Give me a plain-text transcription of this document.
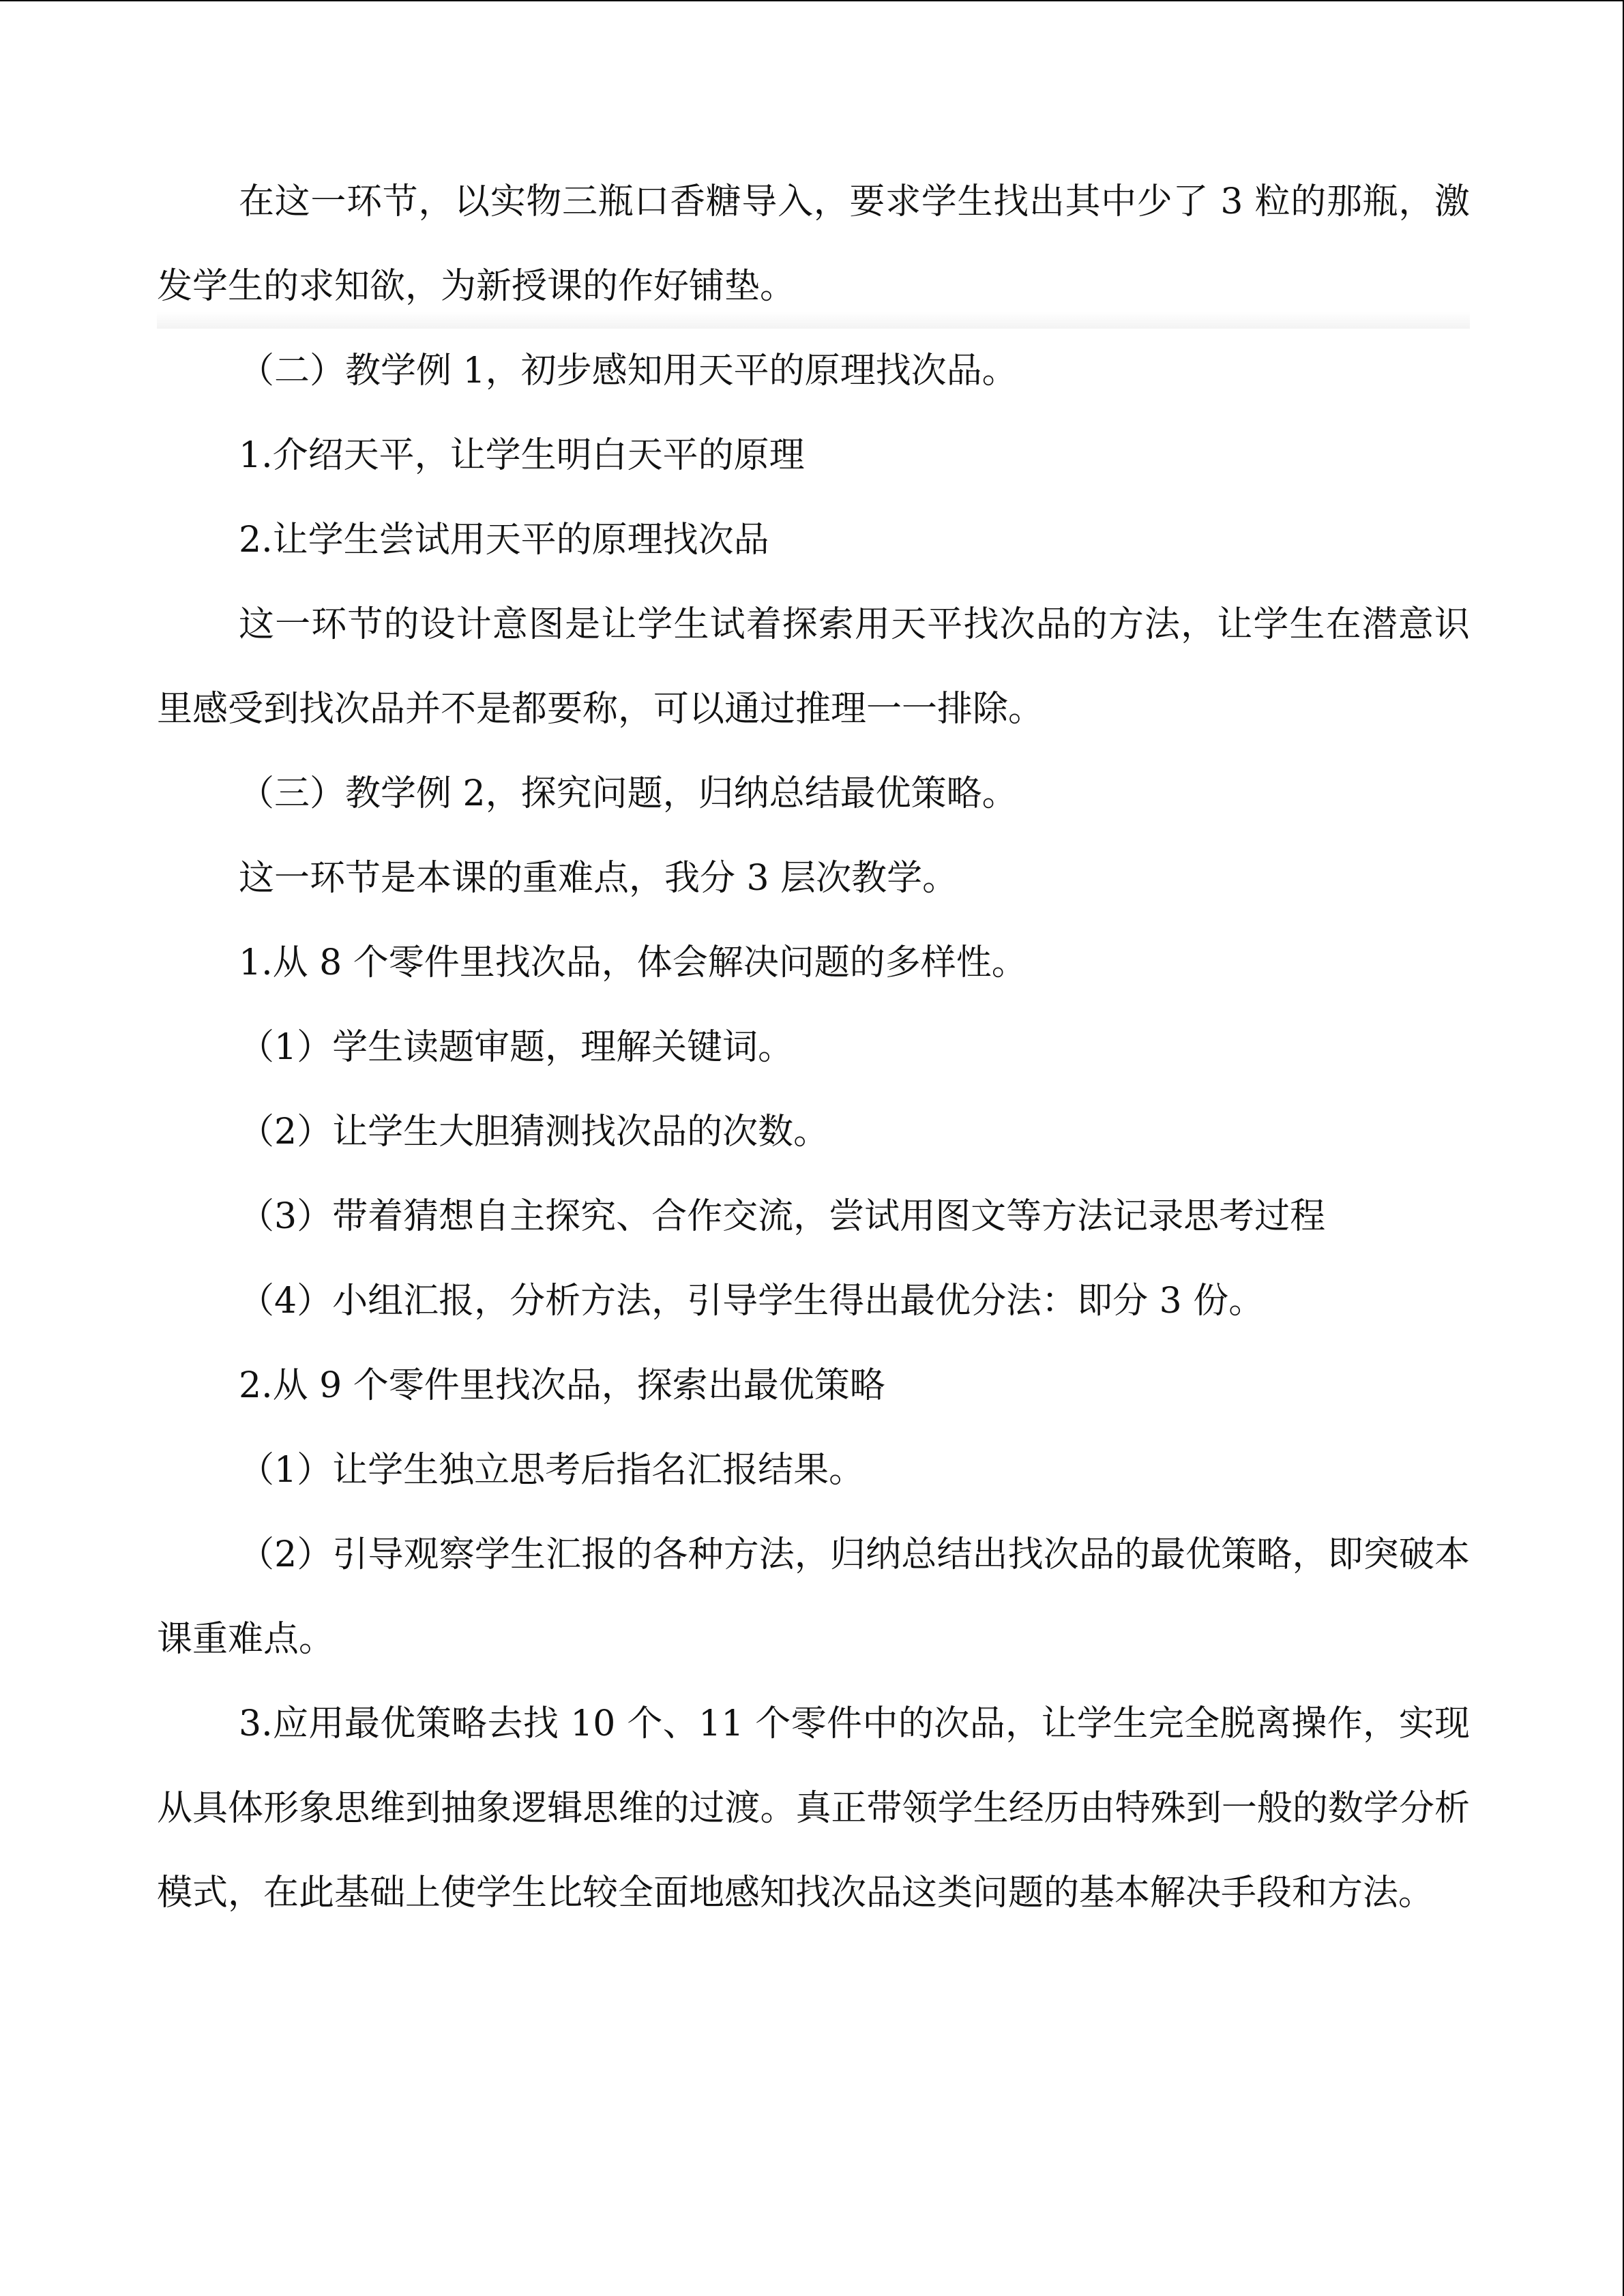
在这一环节，以实物三瓶口香糖导入，要求学生找出其中少了 3 粒的那瓶，激发学生的求知欲，为新授课的作好铺垫。

（二）教学例 1，初步感知用天平的原理找次品。

1.介绍天平，让学生明白天平的原理

2.让学生尝试用天平的原理找次品

这一环节的设计意图是让学生试着探索用天平找次品的方法，让学生在潜意识里感受到找次品并不是都要称，可以通过推理一一排除。

（三）教学例 2，探究问题，归纳总结最优策略。

这一环节是本课的重难点，我分 3 层次教学。

1.从 8 个零件里找次品，体会解决问题的多样性。

（1）学生读题审题，理解关键词。

（2）让学生大胆猜测找次品的次数。

（3）带着猜想自主探究、合作交流，尝试用图文等方法记录思考过程

（4）小组汇报，分析方法，引导学生得出最优分法：即分 3 份。

2.从 9 个零件里找次品，探索出最优策略

（1）让学生独立思考后指名汇报结果。

（2）引导观察学生汇报的各种方法，归纳总结出找次品的最优策略，即突破本课重难点。

3.应用最优策略去找 10 个、11 个零件中的次品，让学生完全脱离操作，实现从具体形象思维到抽象逻辑思维的过渡。真正带领学生经历由特殊到一般的数学分析模式，在此基础上使学生比较全面地感知找次品这类问题的基本解决手段和方法。
